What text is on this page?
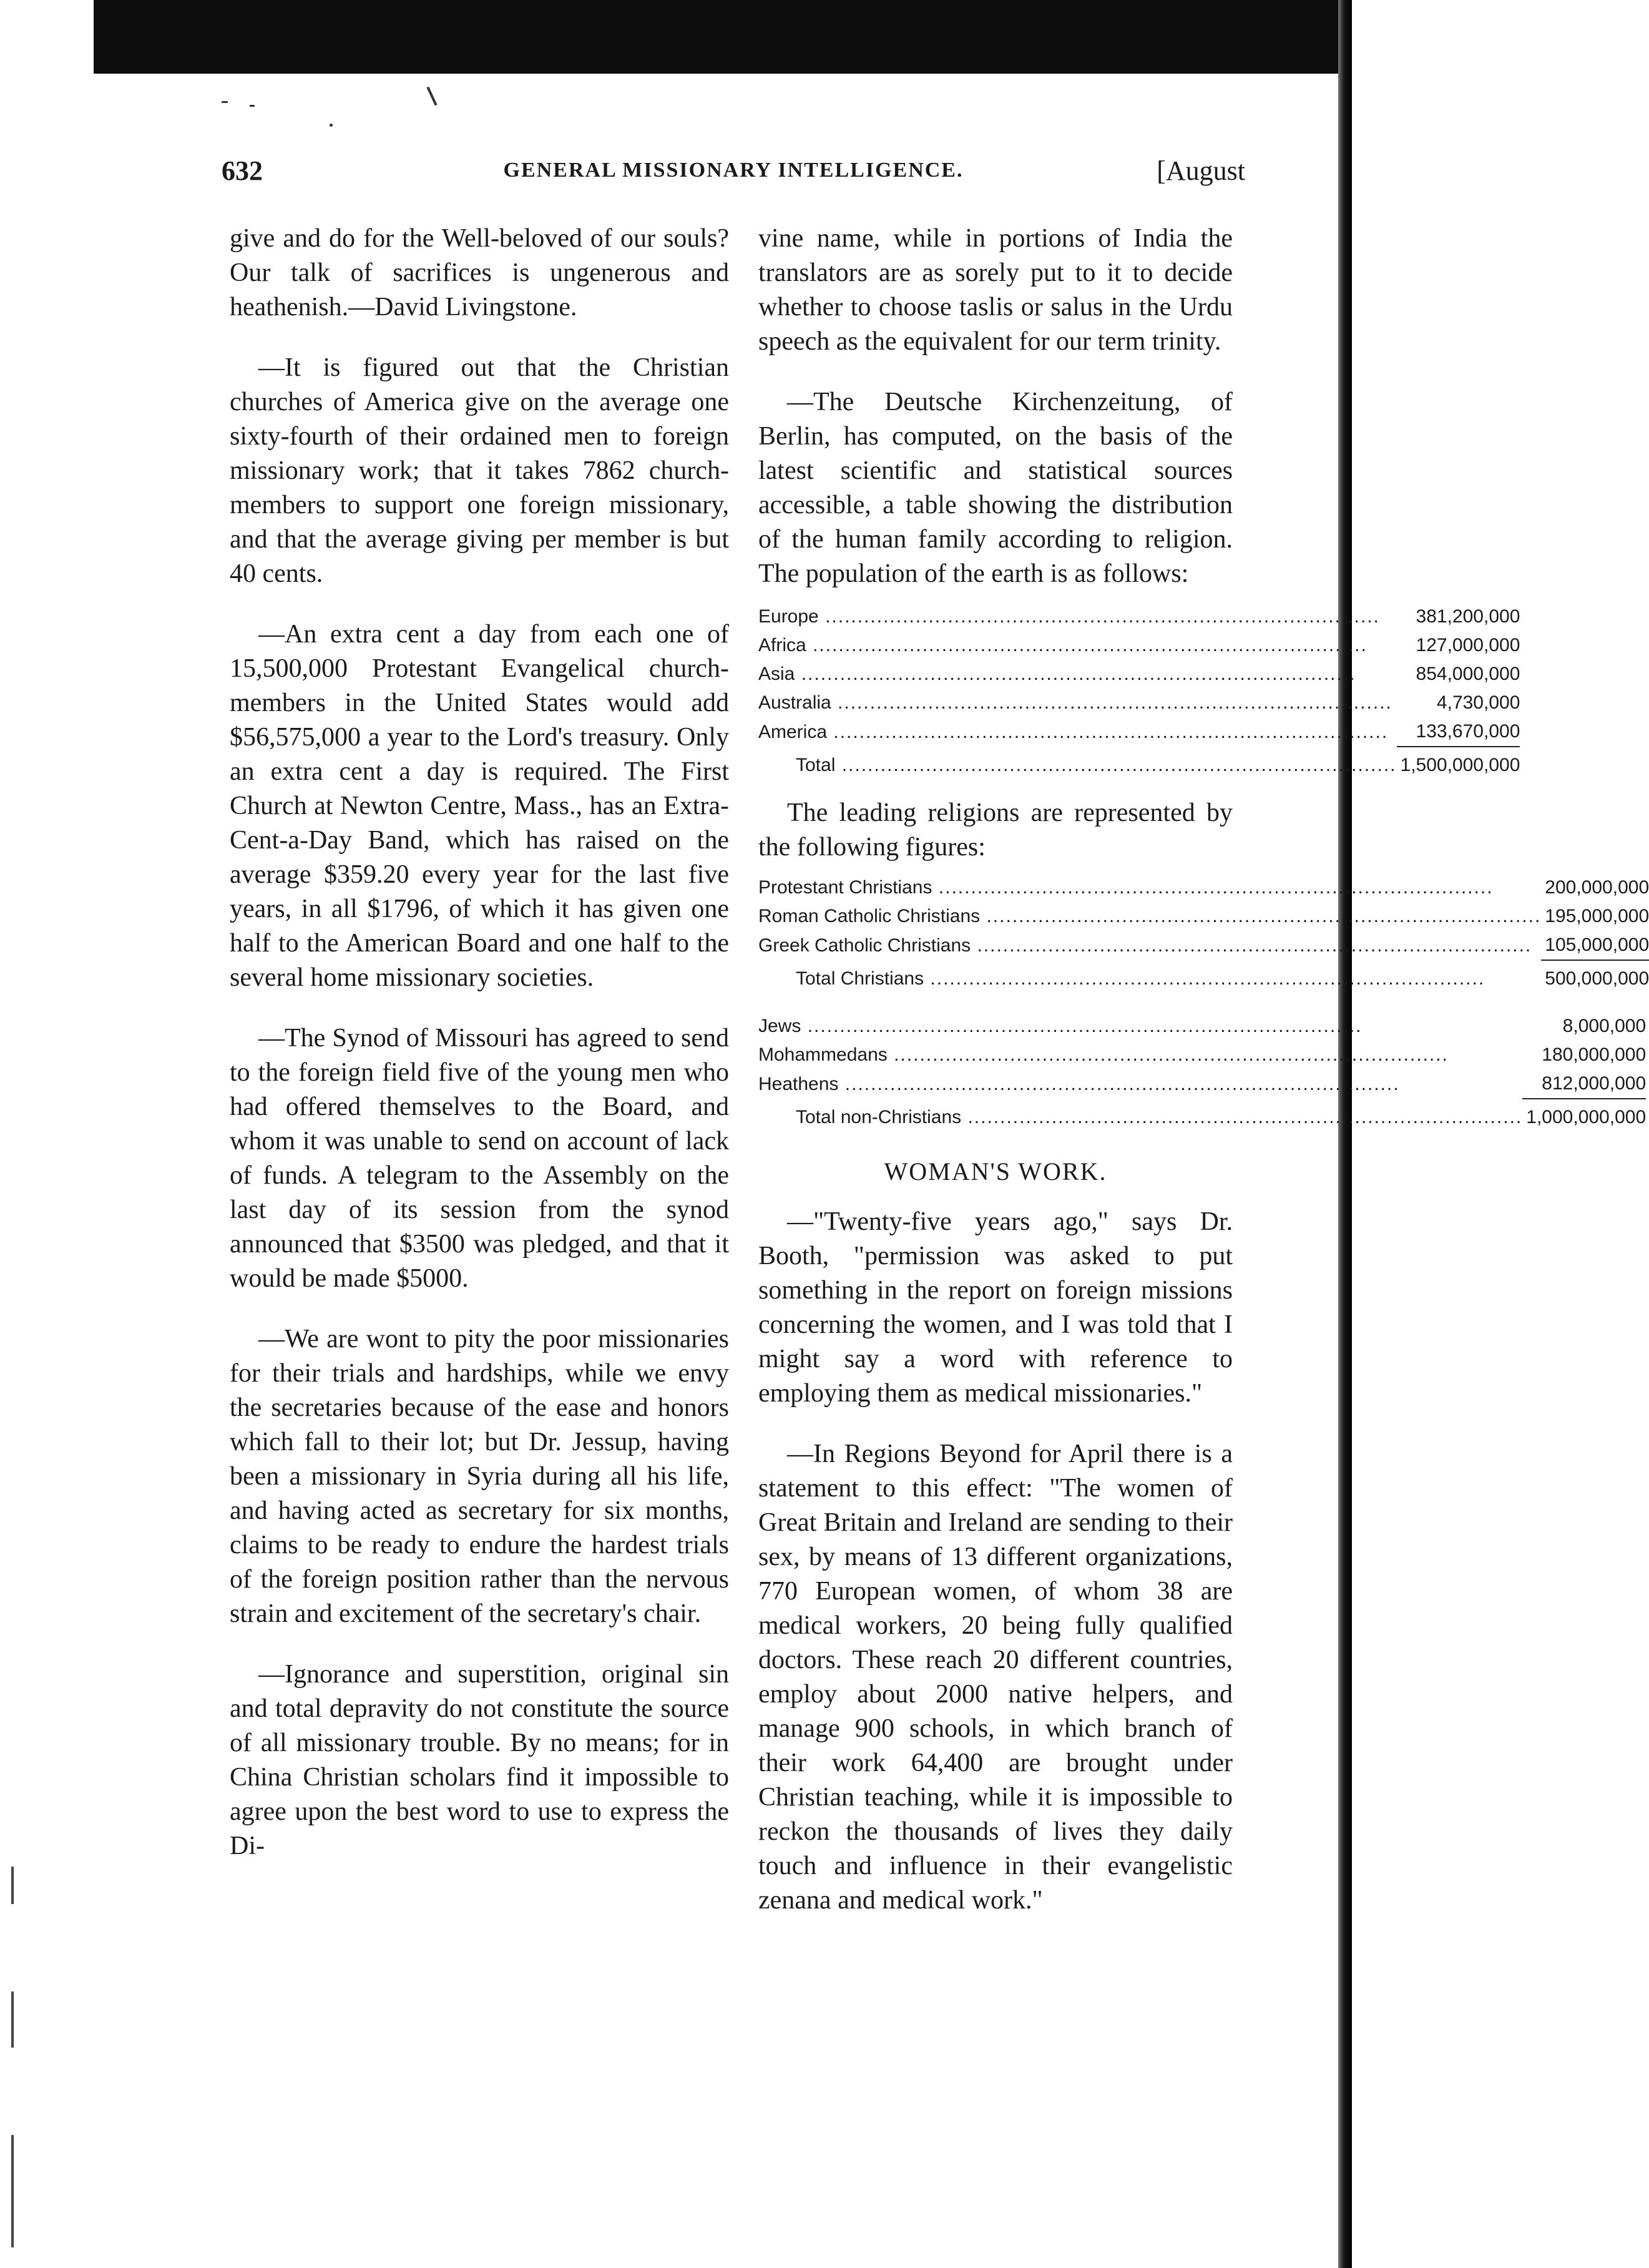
632	GENERAL MISSIONARY INTELLIGENCE.	[August

give and do for the Well-beloved of our souls? Our talk of sacrifices is ungenerous and heathenish.—David Livingstone.

—It is figured out that the Christian churches of America give on the average one sixty-fourth of their ordained men to foreign missionary work; that it takes 7862 church-members to support one foreign missionary, and that the average giving per member is but 40 cents.

—An extra cent a day from each one of 15,500,000 Protestant Evangelical church-members in the United States would add $56,575,000 a year to the Lord's treasury. Only an extra cent a day is required. The First Church at Newton Centre, Mass., has an Extra-Cent-a-Day Band, which has raised on the average $359.20 every year for the last five years, in all $1796, of which it has given one half to the American Board and one half to the several home missionary societies.

—The Synod of Missouri has agreed to send to the foreign field five of the young men who had offered themselves to the Board, and whom it was unable to send on account of lack of funds. A telegram to the Assembly on the last day of its session from the synod announced that $3500 was pledged, and that it would be made $5000.

—We are wont to pity the poor missionaries for their trials and hardships, while we envy the secretaries because of the ease and honors which fall to their lot; but Dr. Jessup, having been a missionary in Syria during all his life, and having acted as secretary for six months, claims to be ready to endure the hardest trials of the foreign position rather than the nervous strain and excitement of the secretary's chair.

—Ignorance and superstition, original sin and total depravity do not constitute the source of all missionary trouble. By no means; for in China Christian scholars find it impossible to agree upon the best word to use to express the Di-

vine name, while in portions of India the translators are as sorely put to it to decide whether to choose taslis or salus in the Urdu speech as the equivalent for our term trinity.

—The Deutsche Kirchenzeitung, of Berlin, has computed, on the basis of the latest scientific and statistical sources accessible, a table showing the distribution of the human family according to religion. The population of the earth is as follows:

Europe .....	381,200,000
Africa .....	127,000,000
Asia .....	854,000,000
Australia .....	4,730,000
America .....	133,670,000
Total .....	1,500,000,000

The leading religions are represented by the following figures:

Protestant Christians .....	200,000,000
Roman Catholic Christians .....	195,000,000
Greek Catholic Christians .....	105,000,000
Total Christians .....	500,000,000
Jews .....	8,000,000
Mohammedans .....	180,000,000
Heathens .....	812,000,000
Total non-Christians .....	1,000,000,000
WOMAN'S WORK.

—"Twenty-five years ago," says Dr. Booth, "permission was asked to put something in the report on foreign missions concerning the women, and I was told that I might say a word with reference to employing them as medical missionaries."

—In Regions Beyond for April there is a statement to this effect: "The women of Great Britain and Ireland are sending to their sex, by means of 13 different organizations, 770 European women, of whom 38 are medical workers, 20 being fully qualified doctors. These reach 20 different countries, employ about 2000 native helpers, and manage 900 schools, in which branch of their work 64,400 are brought under Christian teaching, while it is impossible to reckon the thousands of lives they daily touch and influence in their evangelistic zenana and medical work."
